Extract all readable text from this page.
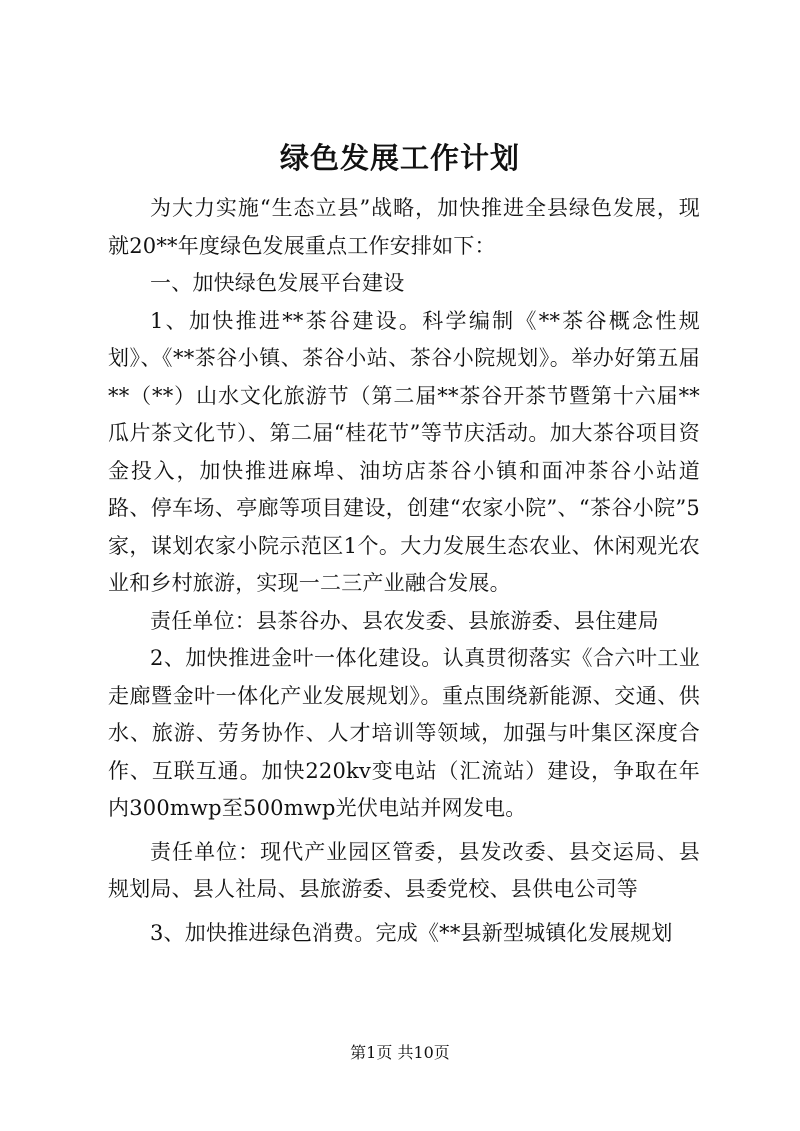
绿色发展工作计划

为大力实施“生态立县”战略，加快推进全县绿色发展，现就20**年度绿色发展重点工作安排如下：

一、加快绿色发展平台建设

1、加快推进**茶谷建设。科学编制《**茶谷概念性规划》、《**茶谷小镇、茶谷小站、茶谷小院规划》。举办好第五届**（**）山水文化旅游节（第二届**茶谷开茶节暨第十六届**瓜片茶文化节）、第二届“桂花节”等节庆活动。加大茶谷项目资金投入，加快推进麻埠、油坊店茶谷小镇和面冲茶谷小站道路、停车场、亭廊等项目建设，创建“农家小院”、“茶谷小院”5家，谋划农家小院示范区1个。大力发展生态农业、休闲观光农业和乡村旅游，实现一二三产业融合发展。

责任单位：县茶谷办、县农发委、县旅游委、县住建局

2、加快推进金叶一体化建设。认真贯彻落实《合六叶工业走廊暨金叶一体化产业发展规划》。重点围绕新能源、交通、供水、旅游、劳务协作、人才培训等领域，加强与叶集区深度合作、互联互通。加快220kv变电站（汇流站）建设，争取在年内300mwp至500mwp光伏电站并网发电。

责任单位：现代产业园区管委，县发改委、县交运局、县规划局、县人社局、县旅游委、县委党校、县供电公司等

3、加快推进绿色消费。完成《**县新型城镇化发展规划

第1页 共10页
